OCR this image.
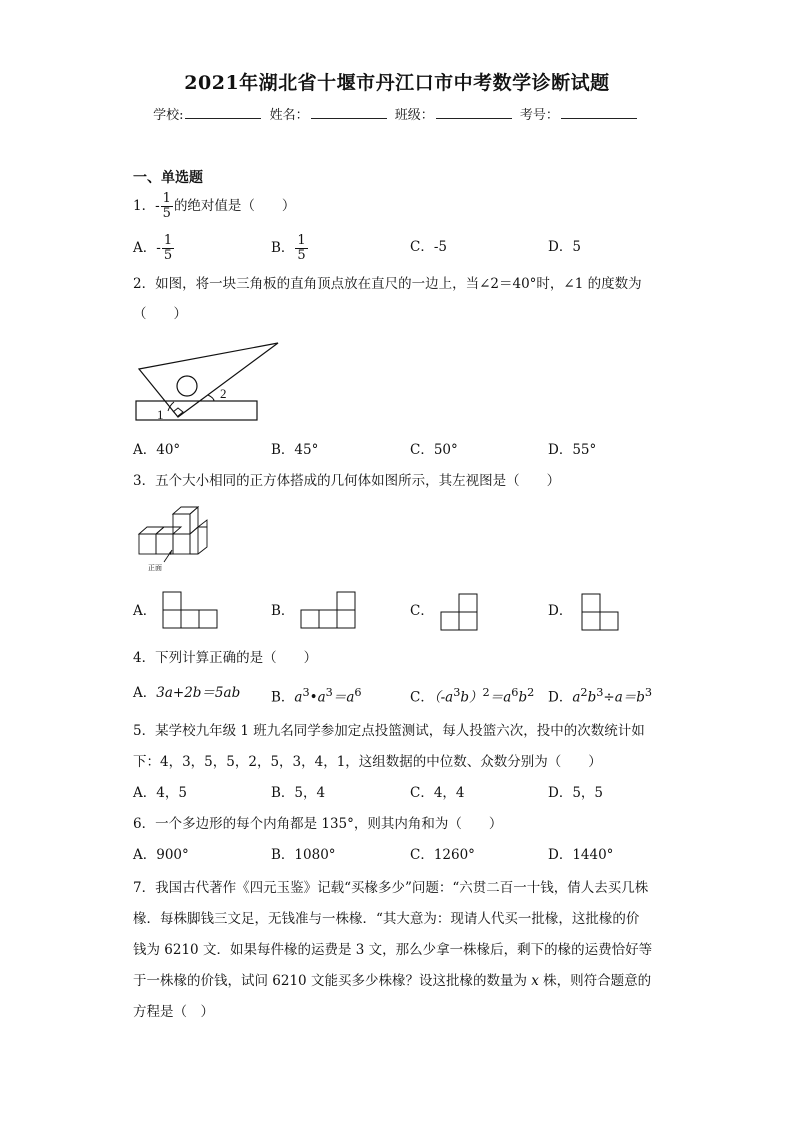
2021年湖北省十堰市丹江口市中考数学诊断试题
学校:	姓名：	班级：	考号：
一、单选题
1．- $\frac{1}{5}$ 的绝对值是（　　）
A．- $\frac{1}{5}$	B． $\frac{1}{5}$	C．-5	D．5
2．如图，将一块三角板的直角顶点放在直尺的一边上，当∠2＝40°时，∠1 的度数为
（　　）
2
1
A．40°	B．45°	C．50°	D．55°
3．五个大小相同的正方体搭成的几何体如图所示，其左视图是（　　）
正面
A．	B．	C．	D．
4．下列计算正确的是（　　）
A．3a+2b＝5ab B．$a^3•a^3=a^6$	C．$(-a^3b)^2=a^6b^2$ D．$a^2b^3\div a=b^3$
5．某学校九年级 1 班九名同学参加定点投篮测试，每人投篮六次，投中的次数统计如
下：4，3，5，5，2，5，3，4，1，这组数据的中位数、众数分别为（　　）
A．4，5	B．5，4	C．4，4	D．5，5
6．一个多边形的每个内角都是 135°，则其内角和为（　　）
A．900°	B．1080°	C．1260°	D．1440°
7．我国古代著作《四元玉鉴》记载“买椽多少”问题：“六贯二百一十钱，倩人去买几株
椽．每株脚钱三文足，无钱准与一株椽．“其大意为：现请人代买一批椽，这批椽的价
钱为 6210 文．如果每件椽的运费是 3 文，那么少拿一株椽后，剩下的椽的运费恰好等
于一株椽的价钱，试问 6210 文能买多少株椽？设这批椽的数量为 x 株，则符合题意的
方程是（　）
